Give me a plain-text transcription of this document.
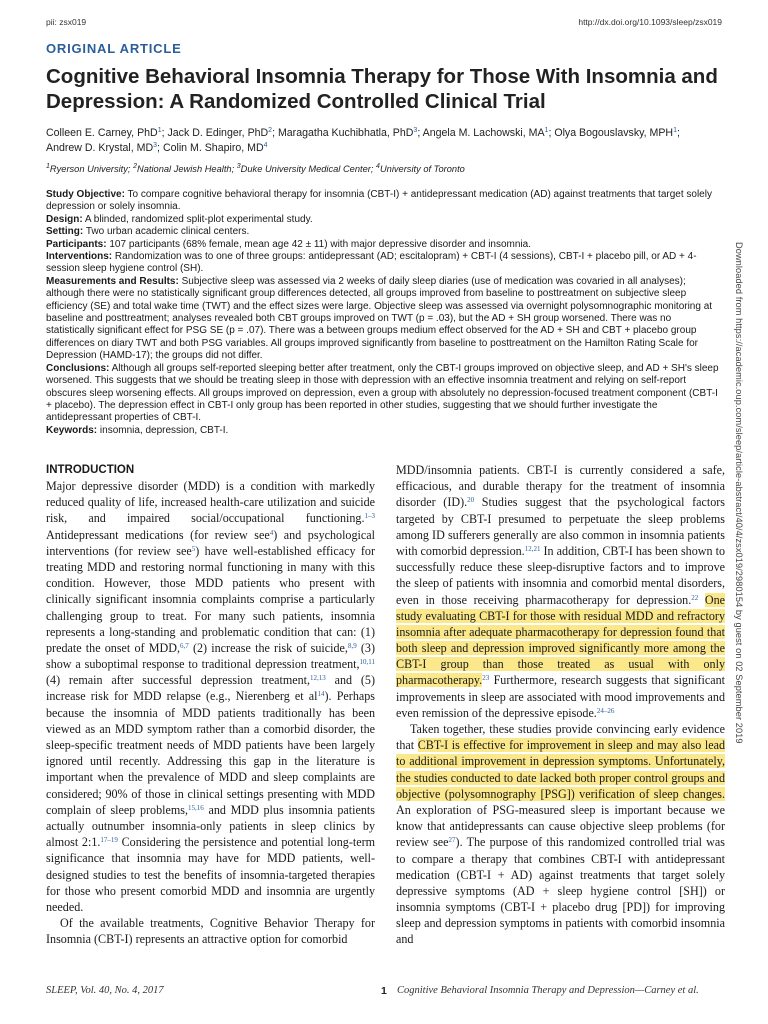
pii: zsx019	http://dx.doi.org/10.1093/sleep/zsx019
ORIGINAL ARTICLE
Cognitive Behavioral Insomnia Therapy for Those With Insomnia and Depression: A Randomized Controlled Clinical Trial
Colleen E. Carney, PhD$^1$; Jack D. Edinger, PhD$^2$; Maragatha Kuchibhatla, PhD$^3$; Angela M. Lachowski, $MA^1$; Olya Bogouslavsky, MPH$^1$;
Andrew D. Krystal, $MD^3$; Colin M. Shapiro, $MD^4$
$^1$Ryerson University; $^2$National Jewish Health; $^3$Duke University Medical Center; $^4$University of Toronto

Study Objective: To compare cognitive behavioral therapy for insomnia (CBT-I) + antidepressant medication (AD) against treatments that target solely depression or solely insomnia.

Design: A blinded, randomized split-plot experimental study.

Setting: Two urban academic clinical centers.

Participants: 107 participants (68% female, mean age 42 ± 11) with major depressive disorder and insomnia.

Interventions: Randomization was to one of three groups: antidepressant (AD; escitalopram) + CBT-I (4 sessions), CBT-I + placebo pill, or AD + 4-session sleep hygiene control (SH).

Measurements and Results: Subjective sleep was assessed via 2 weeks of daily sleep diaries (use of medication was covaried in all analyses); although there were no statistically significant group differences detected, all groups improved from baseline to posttreatment on subjective sleep efficiency (SE) and total wake time (TWT) and the effect sizes were large. Objective sleep was assessed via overnight polysomnographic monitoring at baseline and posttreatment; analyses revealed both CBT groups improved on TWT (p = .03), but the AD + SH group worsened. There was no statistically significant effect for PSG SE (p = .07). There was a between groups medium effect observed for the AD + SH and CBT + placebo group differences on diary TWT and both PSG variables. All groups improved significantly from baseline to posttreatment on the Hamilton Rating Scale for Depression (HAMD-17); the groups did not differ.

Conclusions: Although all groups self-reported sleeping better after treatment, only the CBT-I groups improved on objective sleep, and AD + SH's sleep worsened. This suggests that we should be treating sleep in those with depression with an effective insomnia treatment and relying on self-report obscures sleep worsening effects. All groups improved on depression, even a group with absolutely no depression-focused treatment component (CBT-I + placebo). The depression effect in CBT-I only group has been reported in other studies, suggesting that we should further investigate the antidepressant properties of CBT-I.

Keywords: insomnia, depression, CBT-I.

INTRODUCTION

Major depressive disorder (MDD) is a condition with markedly reduced quality of life, increased health-care utilization and suicide risk, and impaired social/occupational functioning.$^{1-3}$ Antidepressant medications (for review see$^4$) and psychological interventions (for review see$^5$) have well-established efficacy for treating MDD and restoring normal functioning in many with this condition. However, those MDD patients who present with clinically significant insomnia complaints comprise a particularly challenging group to treat. For many such patients, insomnia represents a long-standing and problematic condition that can: (1) predate the onset of MDD,$^{6,7}$ (2) increase the risk of suicide,$^{8,9}$ (3) show a suboptimal response to traditional depression treatment,$^{10,11}$ (4) remain after successful depression treatment,$^{12,13}$ and (5) increase risk for MDD relapse (e.g., Nierenberg et $al^{14}$). Perhaps because the insomnia of MDD patients traditionally has been viewed as an MDD symptom rather than a comorbid disorder, the sleep-specific treatment needs of MDD patients have been largely ignored until recently. Addressing this gap in the literature is important when the prevalence of MDD and sleep complaints are considered; 90% of those in clinical settings presenting with MDD complain of sleep problems,$^{15,16}$ and MDD plus insomnia patients actually outnumber insomnia-only patients in sleep clinics by almost 2:1.$^{17-19}$ Considering the persistence and potential long-term significance that insomnia may have for MDD patients, well-designed studies to test the benefits of insomnia-targeted therapies for those who present comorbid MDD and insomnia are urgently needed.

Of the available treatments, Cognitive Behavior Therapy for Insomnia (CBT-I) represents an attractive option for comorbid

MDD/insomnia patients. CBT-I is currently considered a safe, efficacious, and durable therapy for the treatment of insomnia disorder (ID).$^{20}$ Studies suggest that the psychological factors targeted by CBT-I presumed to perpetuate the sleep problems among ID sufferers generally are also common in insomnia patients with comorbid depression.$^{12,21}$ In addition, CBT-I has been shown to successfully reduce these sleep-disruptive factors and to improve the sleep of patients with insomnia and comorbid mental disorders, even in those receiving pharmacotherapy for depression.$^{22}$ One study evaluating CBT-I for those with residual MDD and refractory insomnia after adequate pharmacotherapy for depression found that both sleep and depression improved significantly more among the CBT-I group than those treated as usual with only pharmacotherapy.$^{23}$ Furthermore, research suggests that significant improvements in sleep are associated with mood improvements and even remission of the depressive episode.$^{24-26}$

Taken together, these studies provide convincing early evidence that CBT-I is effective for improvement in sleep and may also lead to additional improvement in depression symptoms. Unfortunately, the studies conducted to date lacked both proper control groups and objective (polysomnography [PSG]) verification of sleep changes. An exploration of PSG-measured sleep is important because we know that antidepressants can cause objective sleep problems (for review see$^{27}$). The purpose of this randomized controlled trial was to compare a therapy that combines CBT-I with antidepressant medication (CBT-I + AD) against treatments that target solely depressive symptoms (AD + sleep hygiene control [SH]) or insomnia symptoms (CBT-I + placebo drug [PD]) for improving sleep and depression symptoms in patients with comorbid insomnia and

Downloaded from https://academic.oup.com/sleep/article-abstract/40/4/zsx019/2980154 by guest on 02 September 2019
SLEEP, Vol. 40, No. 4, 2017	1 Cognitive Behavioral Insomnia Therapy and Depression—Carney et al.
